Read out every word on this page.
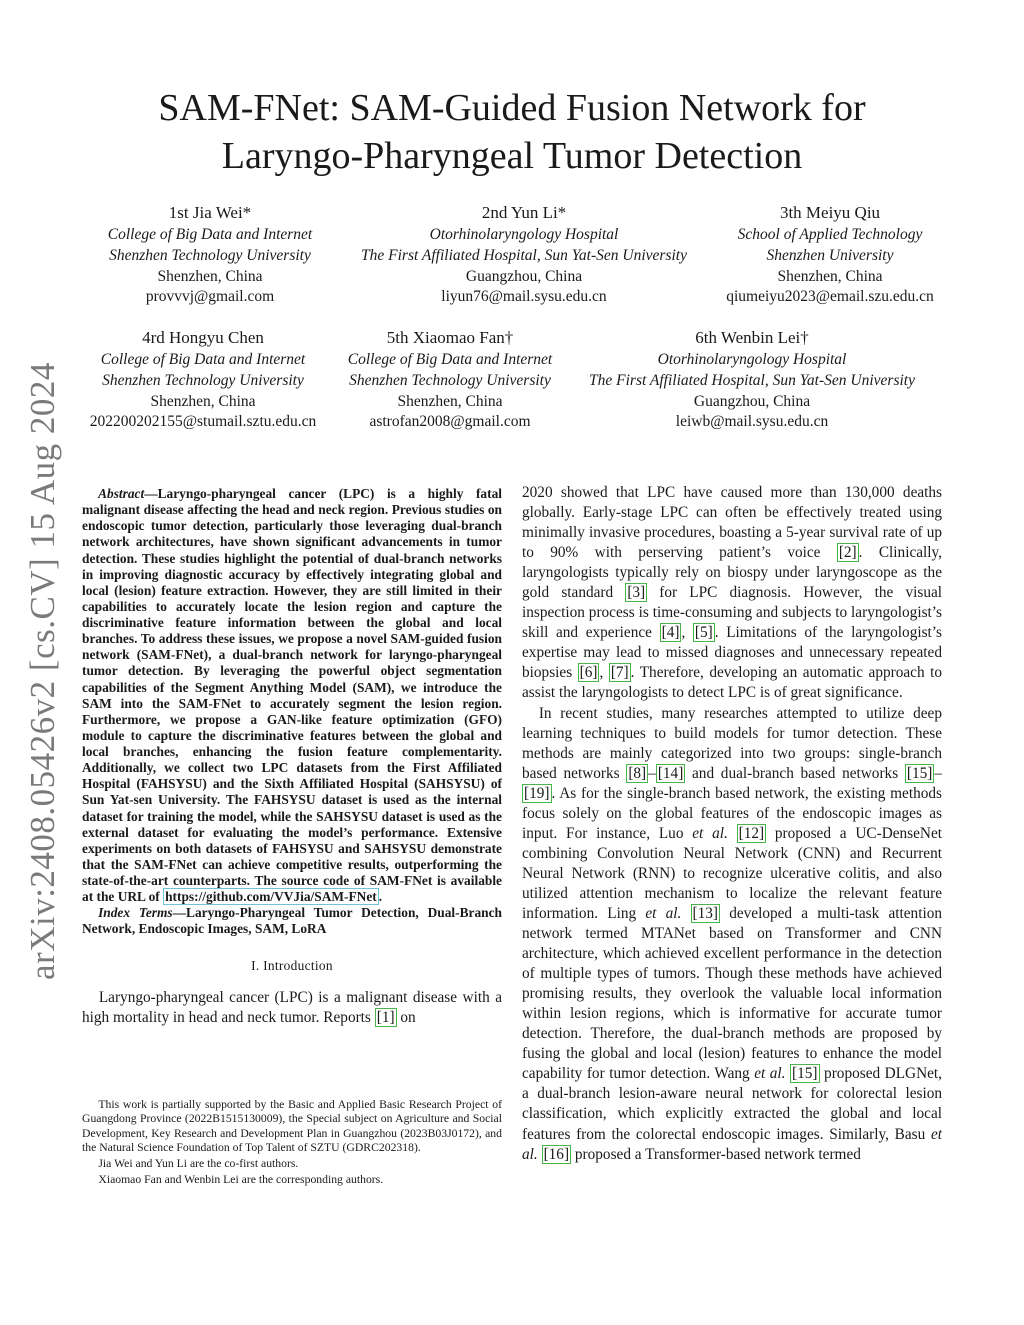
arXiv:2408.05426v2 [cs.CV] 15 Aug 2024
SAM-FNet: SAM-Guided Fusion Network for
Laryngo-Pharyngeal Tumor Detection
1st Jia Wei*
College of Big Data and Internet
Shenzhen Technology University
Shenzhen, China
provvvj@gmail.com
2nd Yun Li*
Otorhinolaryngology Hospital
The First Affiliated Hospital, Sun Yat-Sen University
Guangzhou, China
liyun76@mail.sysu.edu.cn
3th Meiyu Qiu
School of Applied Technology
Shenzhen University
Shenzhen, China
qiumeiyu2023@email.szu.edu.cn
4rd Hongyu Chen
College of Big Data and Internet
Shenzhen Technology University
Shenzhen, China
202200202155@stumail.sztu.edu.cn
5th Xiaomao Fan†
College of Big Data and Internet
Shenzhen Technology University
Shenzhen, China
astrofan2008@gmail.com
6th Wenbin Lei†
Otorhinolaryngology Hospital
The First Affiliated Hospital, Sun Yat-Sen University
Guangzhou, China
leiwb@mail.sysu.edu.cn

Abstract—Laryngo-pharyngeal cancer (LPC) is a highly fatal malignant disease affecting the head and neck region. Previous studies on endoscopic tumor detection, particularly those leveraging dual-branch network architectures, have shown significant advancements in tumor detection. These studies highlight the potential of dual-branch networks in improving diagnostic accuracy by effectively integrating global and local (lesion) feature extraction. However, they are still limited in their capabilities to accurately locate the lesion region and capture the discriminative feature information between the global and local branches. To address these issues, we propose a novel SAM-guided fusion network (SAM-FNet), a dual-branch network for laryngo-pharyngeal tumor detection. By leveraging the powerful object segmentation capabilities of the Segment Anything Model (SAM), we introduce the SAM into the SAM-FNet to accurately segment the lesion region. Furthermore, we propose a GAN-like feature optimization (GFO) module to capture the discriminative features between the global and local branches, enhancing the fusion feature complementarity. Additionally, we collect two LPC datasets from the First Affiliated Hospital (FAHSYSU) and the Sixth Affiliated Hospital (SAHSYSU) of Sun Yat-sen University. The FAHSYSU dataset is used as the internal dataset for training the model, while the SAHSYSU dataset is used as the external dataset for evaluating the model’s performance. Extensive experiments on both datasets of FAHSYSU and SAHSYSU demonstrate that the SAM-FNet can achieve competitive results, outperforming the state-of-the-art counterparts. The source code of SAM-FNet is available at the URL of https://github.com/VVJia/SAM-FNet .

Index Terms—Laryngo-Pharyngeal Tumor Detection, Dual-Branch Network, Endoscopic Images, SAM, LoRA

I. Introduction

Laryngo-pharyngeal cancer (LPC) is a malignant disease with a high mortality in head and neck tumor. Reports [1] on

This work is partially supported by the Basic and Applied Basic Research Project of Guangdong Province (2022B1515130009), the Special subject on Agriculture and Social Development, Key Research and Development Plan in Guangzhou (2023B03J0172), and the Natural Science Foundation of Top Talent of SZTU (GDRC202318).

Jia Wei and Yun Li are the co-first authors.

Xiaomao Fan and Wenbin Lei are the corresponding authors.

2020 showed that LPC have caused more than 130,000 deaths globally. Early-stage LPC can often be effectively treated using minimally invasive procedures, boasting a 5-year survival rate of up to 90% with perserving patient’s voice [2] . Clinically, laryngologists typically rely on biospy under laryngoscope as the gold standard [3] for LPC diagnosis. However, the visual inspection process is time-consuming and subjects to laryngologist’s skill and experience [4] , [5] . Limitations of the laryngologist’s expertise may lead to missed diagnoses and unnecessary repeated biopsies [6] , [7] . Therefore, developing an automatic approach to assist the laryngologists to detect LPC is of great significance.

In recent studies, many researches attempted to utilize deep learning techniques to build models for tumor detection. These methods are mainly categorized into two groups: single-branch based networks [8] – [14] and dual-branch based networks [15] –[19] . As for the single-branch based network, the existing methods focus solely on the global features of the endoscopic images as input. For instance, Luo et al. [12] proposed a UC-DenseNet combining Convolution Neural Network (CNN) and Recurrent Neural Network (RNN) to recognize ulcerative colitis, and also utilized attention mechanism to localize the relevant feature information. Ling et al. [13] developed a multi-task attention network termed MTANet based on Transformer and CNN architecture, which achieved excellent performance in the detection of multiple types of tumors. Though these methods have achieved promising results, they overlook the valuable local information within lesion regions, which is informative for accurate tumor detection. Therefore, the dual-branch methods are proposed by fusing the global and local (lesion) features to enhance the model capability for tumor detection. Wang et al. [15] proposed DLGNet, a dual-branch lesion-aware neural network for colorectal lesion classification, which explicitly extracted the global and local features from the colorectal endoscopic images. Similarly, Basu et al. [16] proposed a Transformer-based network termed
